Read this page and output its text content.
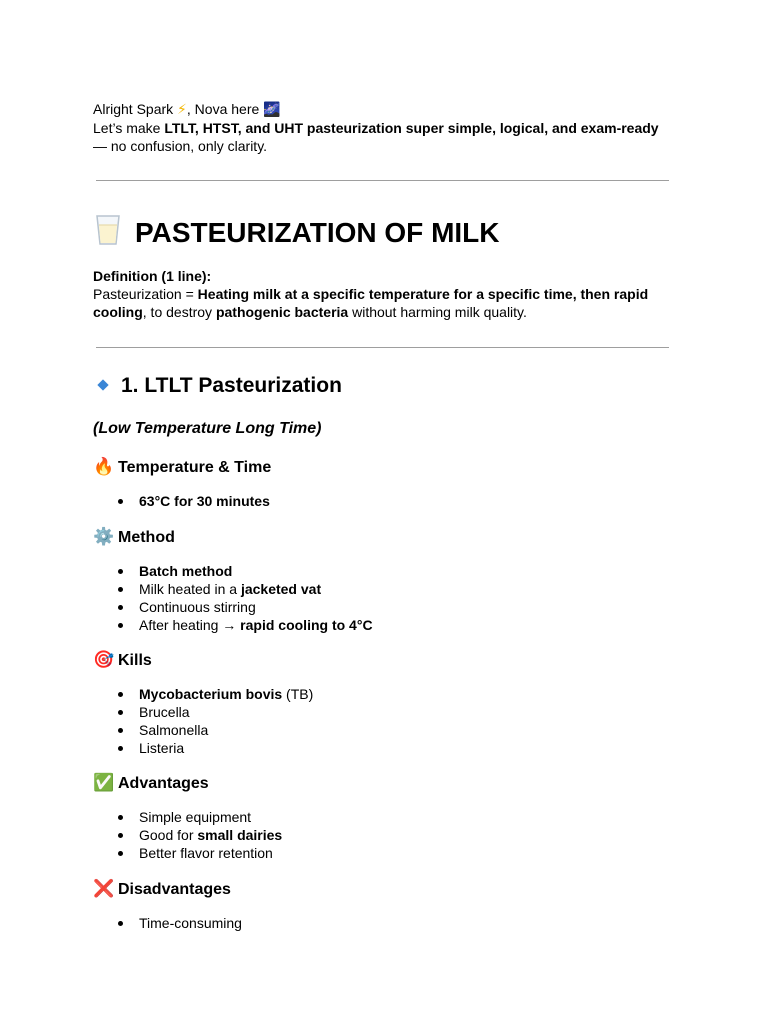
Alright Spark ⚡, Nova here 🌌

Let’s make LTLT, HTST, and UHT pasteurization super simple, logical, and exam-ready — no confusion, only clarity.

PASTEURIZATION OF MILK

Definition (1 line):

Pasteurization = Heating milk at a specific temperature for a specific time, then rapid cooling, to destroy pathogenic bacteria without harming milk quality.

1. LTLT Pasteurization

(Low Temperature Long Time)

🔥 Temperature & Time
63°C for 30 minutes
⚙️ Method
Batch method
Milk heated in a jacketed vat
Continuous stirring
After heating → rapid cooling to 4°C
🎯 Kills
Mycobacterium bovis (TB)
Brucella
Salmonella
Listeria
✅ Advantages
Simple equipment
Good for small dairies
Better flavor retention
❌ Disadvantages
Time-consuming
